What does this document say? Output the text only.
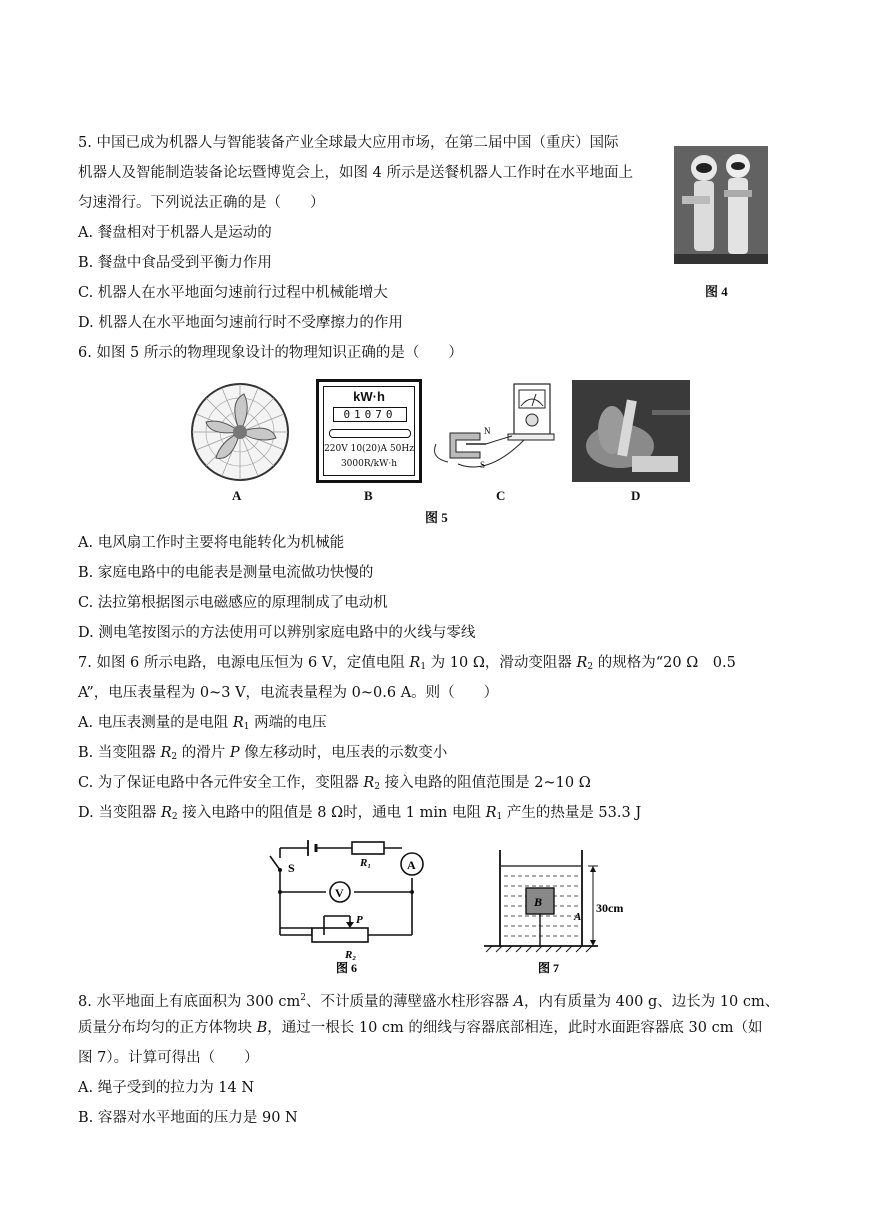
5. 中国已成为机器人与智能装备产业全球最大应用市场，在第二届中国（重庆）国际
机器人及智能制造装备论坛暨博览会上，如图 4 所示是送餐机器人工作时在水平地面上
匀速滑行。下列说法正确的是（　　）
A. 餐盘相对于机器人是运动的
B. 餐盘中食品受到平衡力作用
C. 机器人在水平地面匀速前行过程中机械能增大
D. 机器人在水平地面匀速前行时不受摩擦力的作用
图 4
6. 如图 5 所示的物理现象设计的物理知识正确的是（　　）
A
kW·h
01070
220V 10(20)A 50Hz
3000R/kW·h
B
N
S
C	D
图 5
A. 电风扇工作时主要将电能转化为机械能
B. 家庭电路中的电能表是测量电流做功快慢的
C. 法拉第根据图示电磁感应的原理制成了电动机
D. 测电笔按图示的方法使用可以辨别家庭电路中的火线与零线
7. 如图 6 所示电路，电源电压恒为 6 V，定值电阻 $R_1$ 为 10 Ω，滑动变阻器 $R_2$ 的规格为“20 Ω　0.5
A”，电压表量程为 0~3 V，电流表量程为 0~0.6 A。则（　　）
A. 电压表测量的是电阻 $R_1$ 两端的电压
B. 当变阻器 $R_2$ 的滑片 P 像左移动时，电压表的示数变小
C. 为了保证电路中各元件安全工作，变阻器 $R_2$ 接入电路的阻值范围是 2~10 Ω
D. 当变阻器 $R_2$ 接入电路中的阻值是 8 Ω时，通电 1 min 电阻 $R_1$ 产生的热量是 53.3 J
A
V
S	R₁
R₂
P
图 6
B
A
30cm
图 7
8. 水平地面上有底面积为 300 $cm^2$、不计质量的薄壁盛水柱形容器 A，内有质量为 400 g、边长为 10 cm、
质量分布均匀的正方体物块 B，通过一根长 10 cm 的细线与容器底部相连，此时水面距容器底 30 cm（如
图 7）。计算可得出（　　）
A. 绳子受到的拉力为 14 N
B. 容器对水平地面的压力是 90 N
